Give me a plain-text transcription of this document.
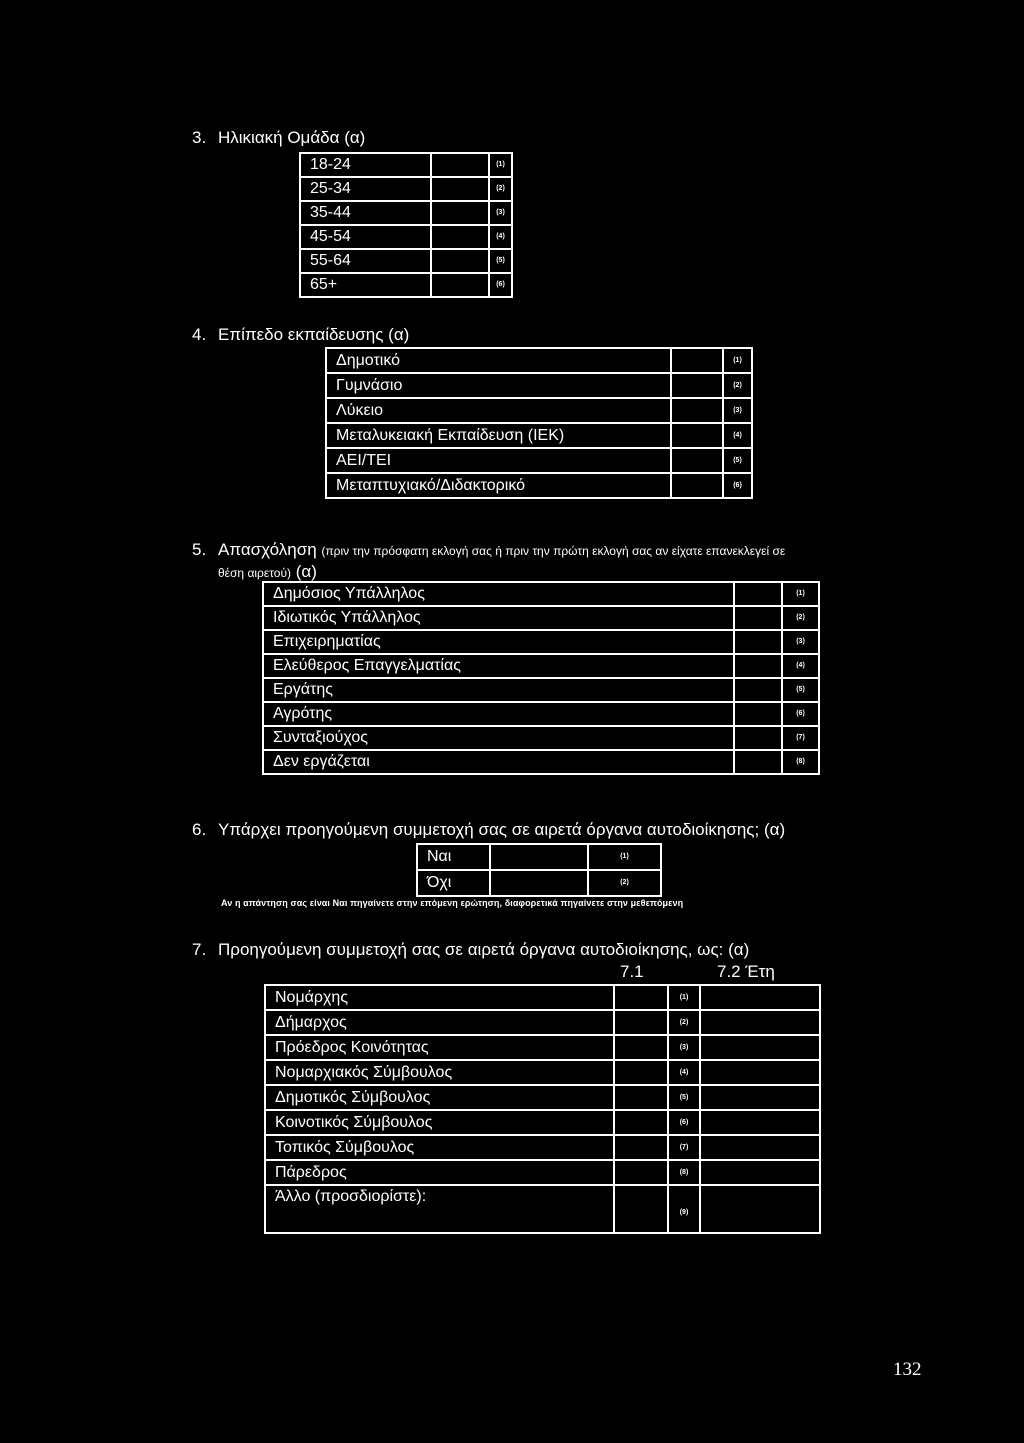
3. Ηλικιακή Ομάδα (α)
18-24		(1)
25-34		(2)
35-44		(3)
45-54		(4)
55-64		(5)
65+		(6)
4. Επίπεδο εκπαίδευσης (α)
Δημοτικό		(1)
Γυμνάσιο		(2)
Λύκειο		(3)
Μεταλυκειακή Εκπαίδευση (IEK)		(4)
ΑΕΙ/ΤΕΙ		(5)
Μεταπτυχιακό/Διδακτορικό		(6)
5. Απασχόληση (πριν την πρόσφατη εκλογή σας ή πριν την πρώτη εκλογή σας αν είχατε επανεκλεγεί σε
θέση αιρετού) (α)
Δημόσιος Υπάλληλος		(1)
Ιδιωτικός Υπάλληλος		(2)
Επιχειρηματίας		(3)
Ελεύθερος Επαγγελματίας		(4)
Εργάτης		(5)
Αγρότης		(6)
Συνταξιούχος		(7)
Δεν εργάζεται		(8)
6. Υπάρχει προηγούμενη συμμετοχή σας σε αιρετά όργανα αυτοδιοίκησης; (α)
Ναι		(1)
Όχι		(2)
Αν η απάντηση σας είναι Ναι πηγαίνετε στην επόμενη ερώτηση, διαφορετικά πηγαίνετε στην μεθεπόμενη
7. Προηγούμενη συμμετοχή σας σε αιρετά όργανα αυτοδιοίκησης, ως: (α)
7.1	7.2 Έτη
Νομάρχης		(1)	
Δήμαρχος		(2)	
Πρόεδρος Κοινότητας		(3)	
Νομαρχιακός Σύμβουλος		(4)	
Δημοτικός Σύμβουλος		(5)	
Κοινοτικός Σύμβουλος		(6)	
Τοπικός Σύμβουλος		(7)	
Πάρεδρος		(8)	
Άλλο (προσδιορίστε):		(9)	
132
